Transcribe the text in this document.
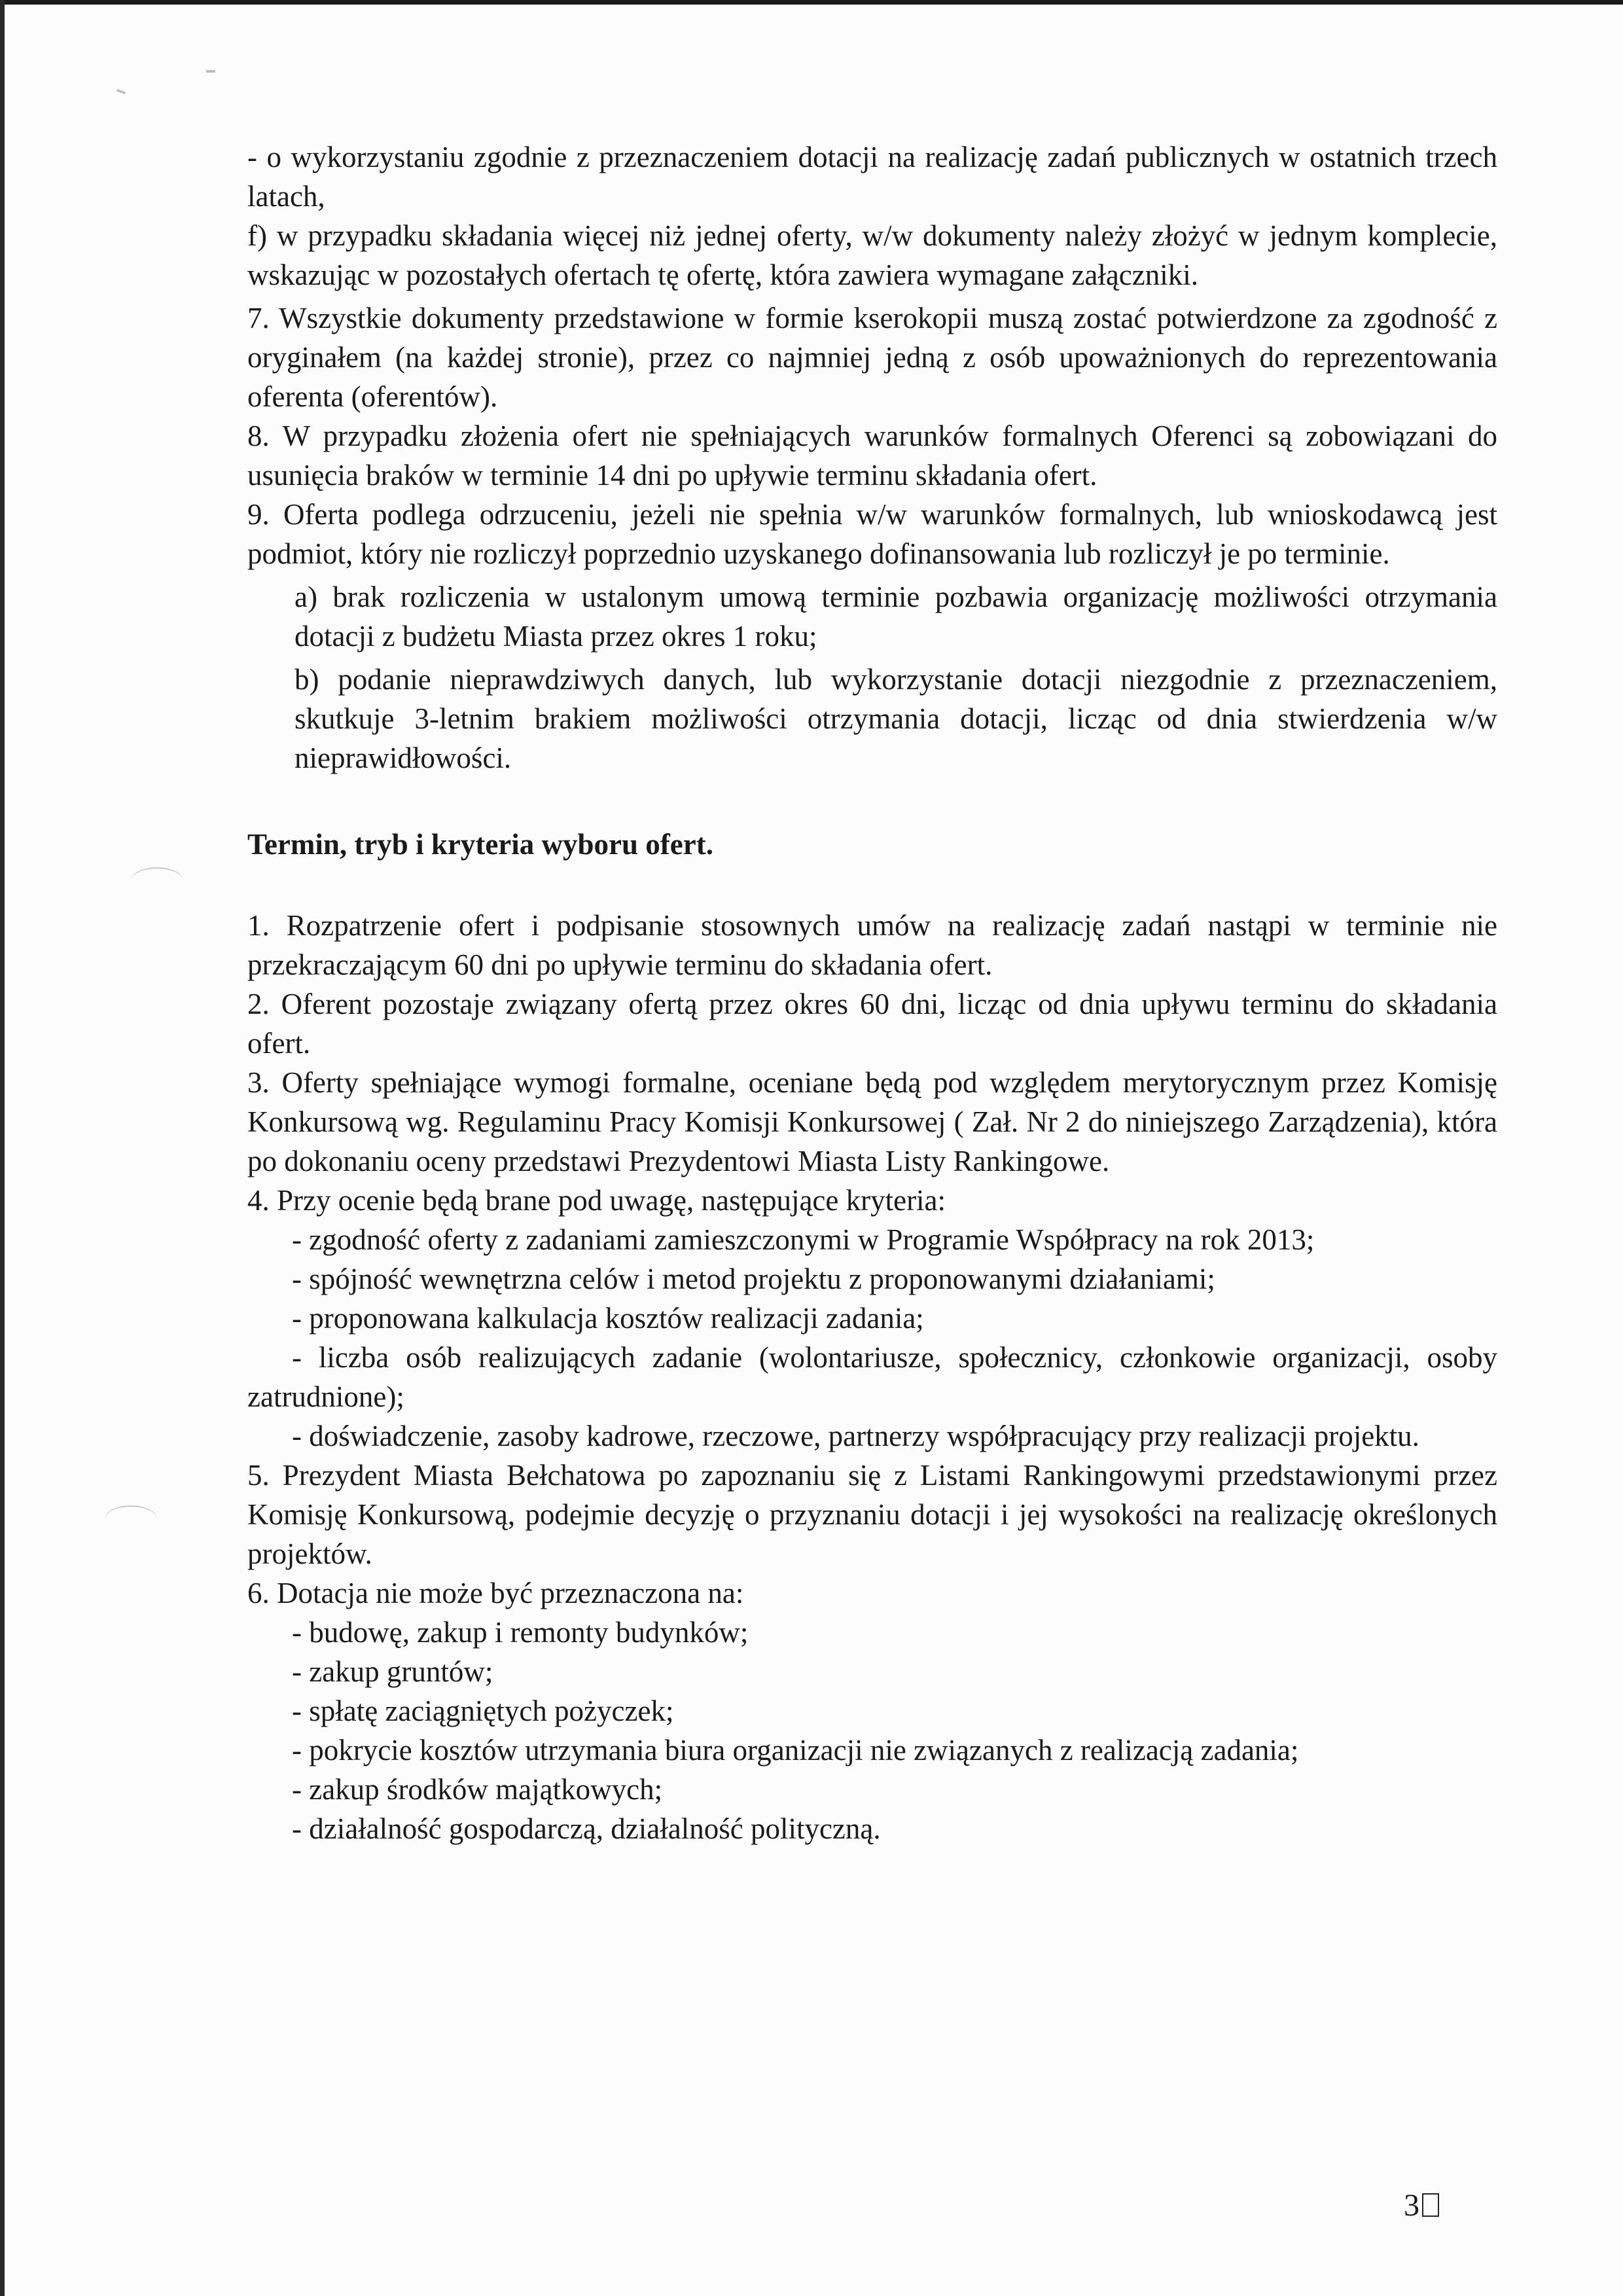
- o wykorzystaniu zgodnie z przeznaczeniem dotacji na realizację zadań publicznych w ostatnich trzech latach,

f) w przypadku składania więcej niż jednej oferty, w/w dokumenty należy złożyć w jednym komplecie, wskazując w pozostałych ofertach tę ofertę, która zawiera wymagane załączniki.

7. Wszystkie dokumenty przedstawione w formie kserokopii muszą zostać potwierdzone za zgodność z oryginałem (na każdej stronie), przez co najmniej jedną z osób upoważnionych do reprezentowania oferenta (oferentów).

8. W przypadku złożenia ofert nie spełniających warunków formalnych Oferenci są zobowiązani do usunięcia braków w terminie 14 dni po upływie terminu składania ofert.

9. Oferta podlega odrzuceniu, jeżeli nie spełnia w/w warunków formalnych, lub wnioskodawcą jest podmiot, który nie rozliczył poprzednio uzyskanego dofinansowania lub rozliczył je po terminie.

a) brak rozliczenia w ustalonym umową terminie pozbawia organizację możliwości otrzymania dotacji z budżetu Miasta przez okres 1 roku;

b) podanie nieprawdziwych danych, lub wykorzystanie dotacji niezgodnie z przeznaczeniem, skutkuje 3-letnim brakiem możliwości otrzymania dotacji, licząc od dnia stwierdzenia w/w nieprawidłowości.

Termin, tryb i kryteria wyboru ofert.

1. Rozpatrzenie ofert i podpisanie stosownych umów na realizację zadań nastąpi w terminie nie przekraczającym 60 dni po upływie terminu do składania ofert.

2. Oferent pozostaje związany ofertą przez okres 60 dni, licząc od dnia upływu terminu do składania ofert.

3. Oferty spełniające wymogi formalne, oceniane będą pod względem merytorycznym przez Komisję Konkursową wg. Regulaminu Pracy Komisji Konkursowej ( Zał. Nr 2 do niniejszego Zarządzenia), która po dokonaniu oceny przedstawi Prezydentowi Miasta Listy Rankingowe.

4. Przy ocenie będą brane pod uwagę, następujące kryteria:

- zgodność oferty z zadaniami zamieszczonymi w Programie Współpracy na rok 2013;

- spójność wewnętrzna celów i metod projektu z proponowanymi działaniami;

- proponowana kalkulacja kosztów realizacji zadania;

- liczba osób realizujących zadanie (wolontariusze, społecznicy, członkowie organizacji, osoby zatrudnione);

- doświadczenie, zasoby kadrowe, rzeczowe, partnerzy współpracujący przy realizacji projektu.

5. Prezydent Miasta Bełchatowa po zapoznaniu się z Listami Rankingowymi przedstawionymi przez Komisję Konkursową, podejmie decyzję o przyznaniu dotacji i jej wysokości na realizację określonych projektów.

6. Dotacja nie może być przeznaczona na:

- budowę, zakup i remonty budynków;

- zakup gruntów;

- spłatę zaciągniętych pożyczek;

- pokrycie kosztów utrzymania biura organizacji nie związanych z realizacją zadania;

- zakup środków majątkowych;

- działalność gospodarczą, działalność polityczną.

3
